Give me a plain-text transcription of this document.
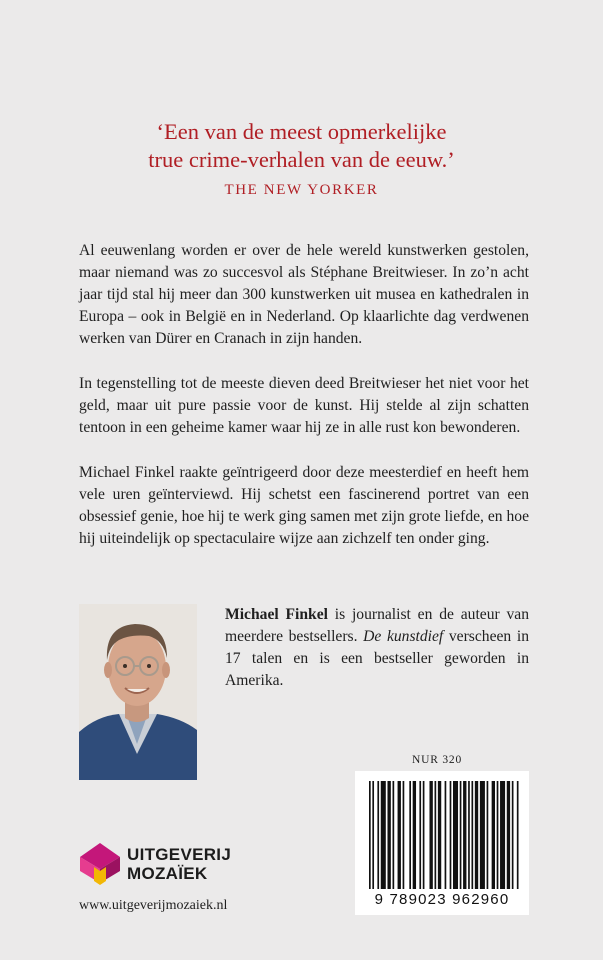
‘Een van de meest opmerkelijke
true crime-verhalen van de eeuw.’
THE NEW YORKER
Al eeuwenlang worden er over de hele wereld kunstwerken gestolen, maar niemand was zo succesvol als Stéphane Breitwieser. In zo’n acht jaar tijd stal hij meer dan 300 kunstwerken uit musea en kathedralen in Europa – ook in België en in Nederland. Op klaarlichte dag verdwenen werken van Dürer en Cranach in zijn handen.
In tegenstelling tot de meeste dieven deed Breitwieser het niet voor het geld, maar uit pure passie voor de kunst. Hij stelde al zijn schatten tentoon in een geheime kamer waar hij ze in alle rust kon bewonderen.
Michael Finkel raakte geïntrigeerd door deze meesterdief en heeft hem vele uren geïnterviewd. Hij schetst een fascinerend portret van een obsessief genie, hoe hij te werk ging samen met zijn grote liefde, en hoe hij uiteindelijk op spectaculaire wijze aan zichzelf ten onder ging.
Michael Finkel is journalist en de auteur van meerdere bestsellers. De kunstdief verscheen in 17 talen en is een bestseller geworden in Amerika.
NUR 320
9 789023 962960
UITGEVERIJ
MOZAÏEK
www.uitgeverijmozaiek.nl
